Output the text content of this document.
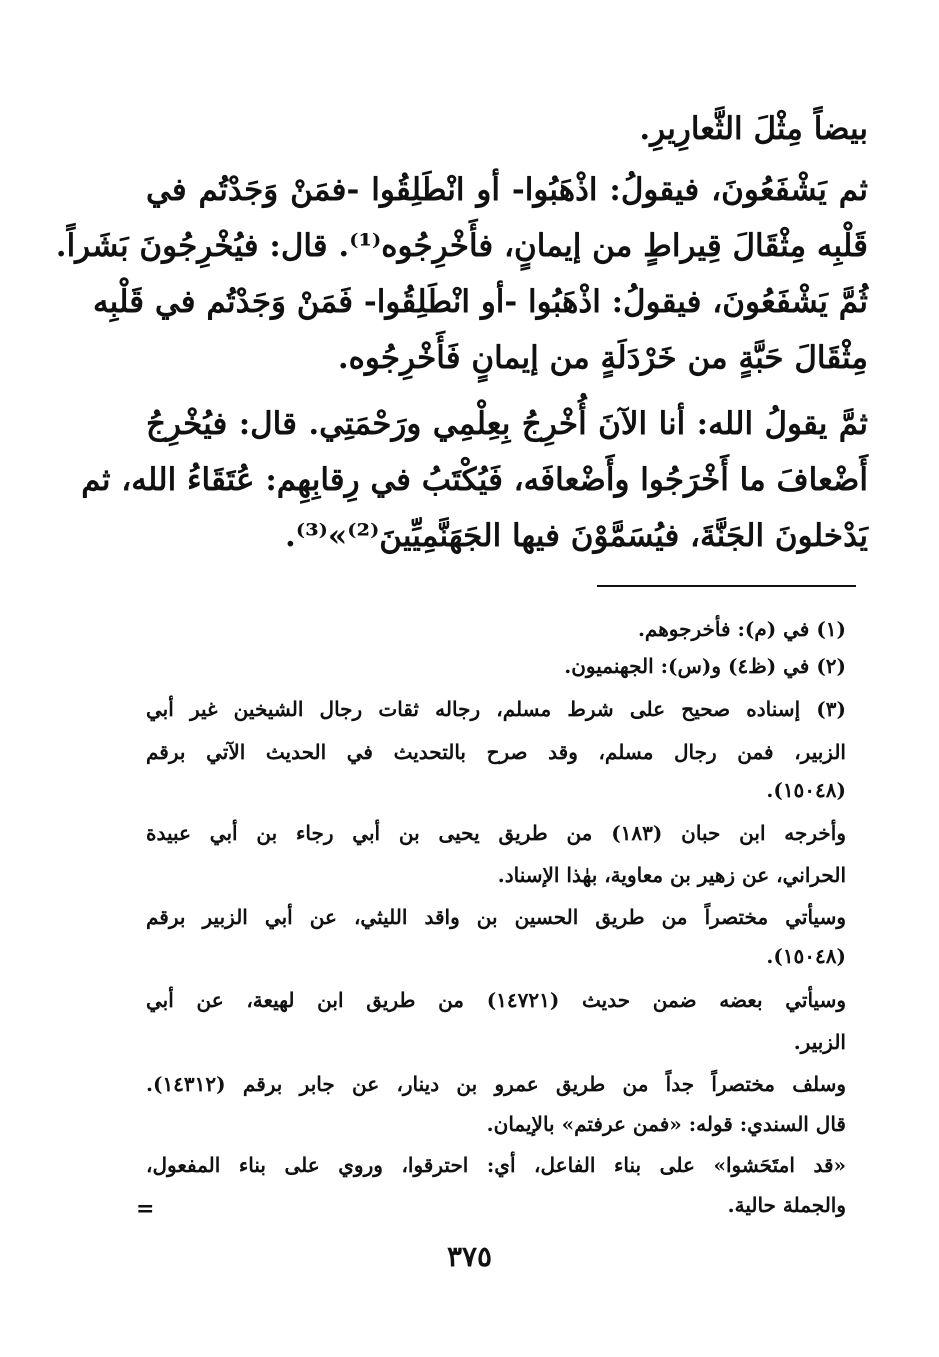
بيضاً مِثْلَ الثَّعارِيرِ.
ثم يَشْفَعُونَ، فيقولُ: اذْهَبُوا- أو انْطَلِقُوا -فمَنْ وَجَدْتُم في
قَلْبِه مِثْقَالَ قِيراطٍ من إيمانٍ، فأَخْرِجُوه⁽¹⁾. قال: فيُخْرِجُونَ بَشَراً.
ثُمَّ يَشْفَعُونَ، فيقولُ: اذْهَبُوا -أو انْطَلِقُوا- فَمَنْ وَجَدْتُم في قَلْبِه
مِثْقَالَ حَبَّةٍ من خَرْدَلَةٍ من إيمانٍ فَأَخْرِجُوه.
ثمَّ يقولُ الله: أنا الآنَ أُخْرِجُ بِعِلْمِي ورَحْمَتِي. قال: فيُخْرِجُ
أَضْعافَ ما أَخْرَجُوا وأَضْعافَه، فَيُكْتَبُ في رِقابِهِم: عُتَقَاءُ الله، ثم
يَدْخلونَ الجَنَّةَ، فيُسَمَّوْنَ فيها الجَهَنَّمِيِّينَ⁽²⁾»⁽³⁾.
(١) في (م): فأخرجوهم.
(٢) في (ظ٤) و(س): الجهنميون.
(٣) إسناده صحيح على شرط مسلم، رجاله ثقات رجال الشيخين غير أبي
الزبير، فمن رجال مسلم، وقد صرح بالتحديث في الحديث الآتي برقم
(١٥٠٤٨).
وأخرجه ابن حبان (١٨٣) من طريق يحيى بن أبي رجاء بن أبي عبيدة
الحراني، عن زهير بن معاوية، بهٰذا الإسناد.
وسيأتي مختصراً من طريق الحسين بن واقد الليثي، عن أبي الزبير برقم
(١٥٠٤٨).
وسيأتي بعضه ضمن حديث (١٤٧٢١) من طريق ابن لهيعة، عن أبي
الزبير.
وسلف مختصراً جداً من طريق عمرو بن دينار، عن جابر برقم (١٤٣١٢).
قال السندي: قوله: «فمن عرفتم» بالإيمان.
«قد امتَحَشوا» على بناء الفاعل، أي: احترقوا، وروي على بناء المفعول،
والجملة حالية.
=
٣٧٥
